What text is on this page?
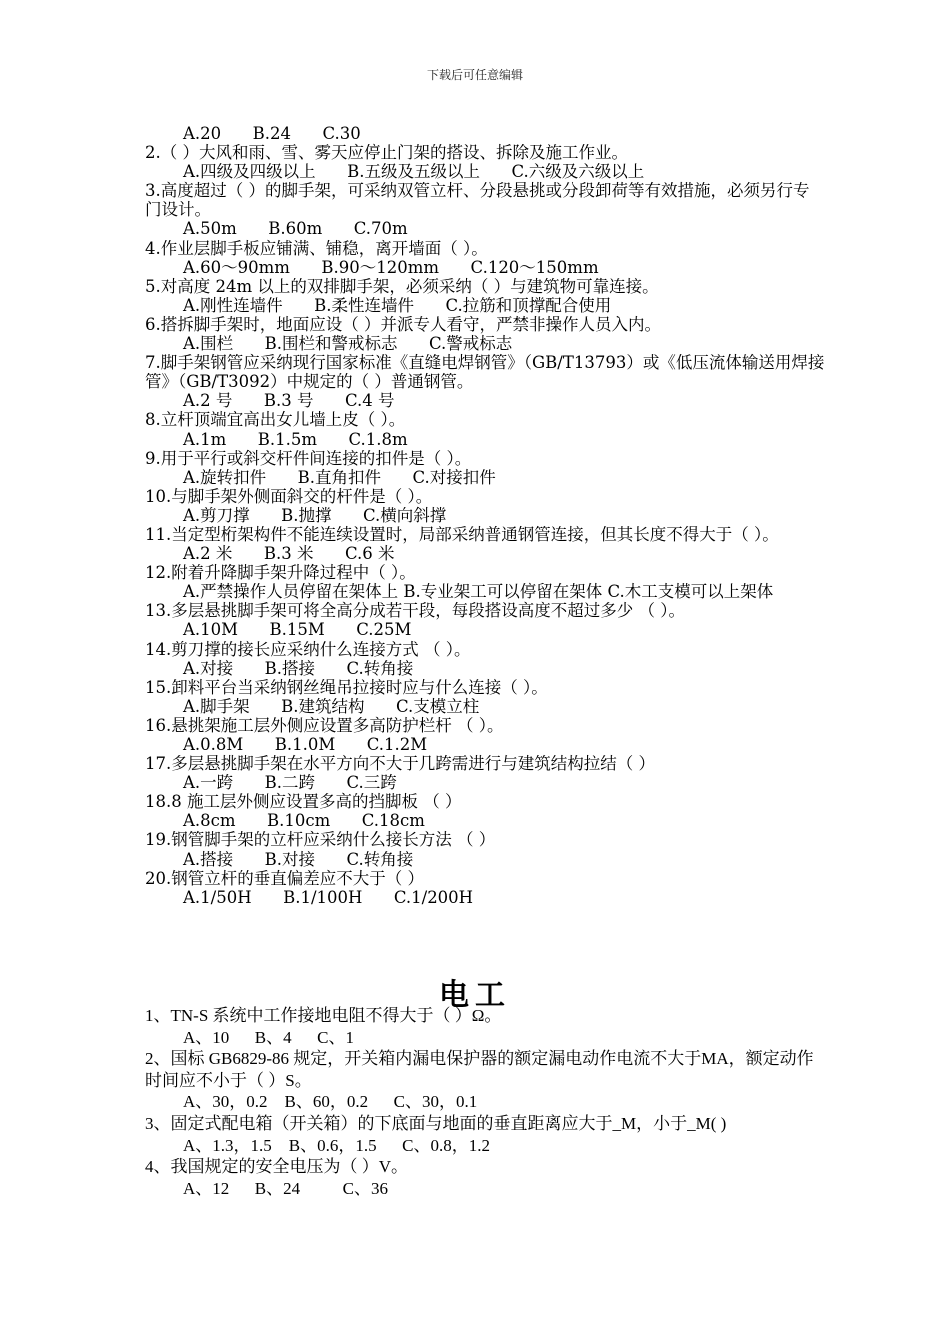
下载后可任意编辑

A.20      B.24      C.30

2.（ ）大风和雨、雪、雾天应停止门架的搭设、拆除及施工作业。

A.四级及四级以上      B.五级及五级以上      C.六级及六级以上

3.高度超过（ ）的脚手架，可采纳双管立杆、分段悬挑或分段卸荷等有效措施，必须另行专门设计。

A.50m      B.60m      C.70m

4.作业层脚手板应铺满、铺稳，离开墙面（ ）。

A.60～90mm      B.90～120mm      C.120～150mm

5.对高度 24m 以上的双排脚手架，必须采纳（ ）与建筑物可靠连接。

A.刚性连墙件      B.柔性连墙件      C.拉筋和顶撑配合使用

6.搭拆脚手架时，地面应设（ ）并派专人看守，严禁非操作人员入内。

A.围栏      B.围栏和警戒标志      C.警戒标志

7.脚手架钢管应采纳现行国家标准《直缝电焊钢管》（GB/T13793）或《低压流体输送用焊接管》（GB/T3092）中规定的（ ）普通钢管。

A.2 号      B.3 号      C.4 号

8.立杆顶端宜高出女儿墙上皮（ ）。

A.1m      B.1.5m      C.1.8m

9.用于平行或斜交杆件间连接的扣件是（ ）。

A.旋转扣件      B.直角扣件      C.对接扣件

10.与脚手架外侧面斜交的杆件是（ ）。

A.剪刀撑      B.抛撑      C.横向斜撑

11.当定型桁架构件不能连续设置时，局部采纳普通钢管连接，但其长度不得大于（ ）。

A.2 米      B.3 米      C.6 米

12.附着升降脚手架升降过程中（ ）。

A.严禁操作人员停留在架体上 B.专业架工可以停留在架体 C.木工支模可以上架体

13.多层悬挑脚手架可将全高分成若干段，每段搭设高度不超过多少 （ ）。

A.10M      B.15M      C.25M

14.剪刀撑的接长应采纳什么连接方式 （ ）。

A.对接      B.搭接      C.转角接

15.卸料平台当采纳钢丝绳吊拉接时应与什么连接（ ）。

A.脚手架      B.建筑结构      C.支模立柱

16.悬挑架施工层外侧应设置多高防护栏杆 （ ）。

A.0.8M      B.1.0M      C.1.2M

17.多层悬挑脚手架在水平方向不大于几跨需进行与建筑结构拉结（ ）

A.一跨      B.二跨      C.三跨

18.8 施工层外侧应设置多高的挡脚板 （ ）

A.8cm      B.10cm      C.18cm

19.钢管脚手架的立杆应采纳什么接长方法 （ ）

A.搭接      B.对接      C.转角接

20.钢管立杆的垂直偏差应不大于（ ）

A.1/50H      B.1/100H      C.1/200H

电工

1、TN-S 系统中工作接地电阻不得大于（ ）Ω。

A、10      B、4      C、1

2、国标 GB6829-86 规定，开关箱内漏电保护器的额定漏电动作电流不大于MA，额定动作时间应不小于（ ）S。

A、30，0.2    B、60，0.2      C、30，0.1

3、固定式配电箱（开关箱）的下底面与地面的垂直距离应大于_M，小于_M( )

A、1.3，1.5    B、0.6，1.5      C、0.8，1.2

4、我国规定的安全电压为（ ）V。

A、12      B、24          C、36
